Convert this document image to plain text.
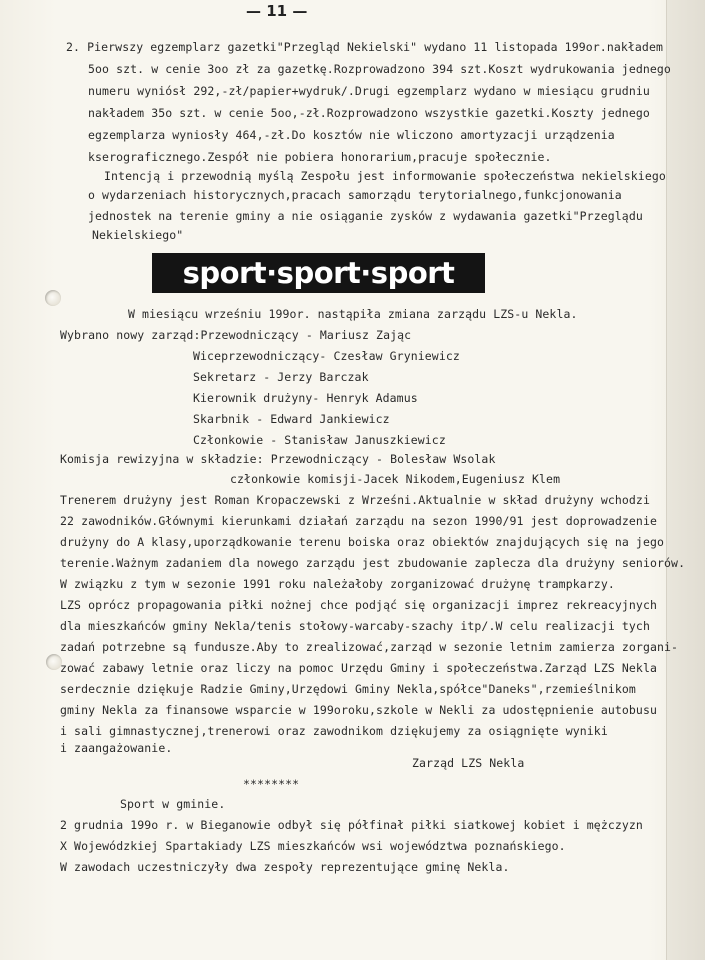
— 11 —
2. Pierwszy egzemplarz gazetki"Przegląd Nekielski" wydano 11 listopada 199or.nakładem
5oo szt. w cenie 3oo zł za gazetkę.Rozprowadzono 394 szt.Koszt wydrukowania jednego
numeru wyniósł 292,-zł/papier+wydruk/.Drugi egzemplarz wydano w miesiącu grudniu
nakładem 35o szt. w cenie 5oo,-zł.Rozprowadzono wszystkie gazetki.Koszty jednego
egzemplarza wyniosły 464,-zł.Do kosztów nie wliczono amortyzacji urządzenia
kserograficznego.Zespół nie pobiera honorarium,pracuje społecznie.
Intencją i przewodnią myślą Zespołu jest informowanie społeczeństwa nekielskiego
o wydarzeniach historycznych,pracach samorządu terytorialnego,funkcjonowania
jednostek na terenie gminy a nie osiąganie zysków z wydawania gazetki"Przeglądu
Nekielskiego"
sport·sport·sport
W miesiącu wrześniu 199or. nastąpiła zmiana zarządu LZS-u Nekla.
Wybrano nowy zarząd:Przewodniczący - Mariusz Zając
Wiceprzewodniczący- Czesław Gryniewicz
Sekretarz - Jerzy Barczak
Kierownik drużyny- Henryk Adamus
Skarbnik - Edward Jankiewicz
Członkowie - Stanisław Januszkiewicz
Komisja rewizyjna w składzie: Przewodniczący - Bolesław Wsolak
członkowie komisji-Jacek Nikodem,Eugeniusz Klem
Trenerem drużyny jest Roman Kropaczewski z Wrześni.Aktualnie w skład drużyny wchodzi
22 zawodników.Głównymi kierunkami działań zarządu na sezon 1990/91 jest doprowadzenie
drużyny do A klasy,uporządkowanie terenu boiska oraz obiektów znajdujących się na jego
terenie.Ważnym zadaniem dla nowego zarządu jest zbudowanie zaplecza dla drużyny seniorów.
W związku z tym w sezonie 1991 roku należałoby zorganizować drużynę trampkarzy.
LZS oprócz propagowania piłki nożnej chce podjąć się organizacji imprez rekreacyjnych
dla mieszkańców gminy Nekla/tenis stołowy-warcaby-szachy itp/.W celu realizacji tych
zadań potrzebne są fundusze.Aby to zrealizować,zarząd w sezonie letnim zamierza zorgani-
zować zabawy letnie oraz liczy na pomoc Urzędu Gminy i społeczeństwa.Zarząd LZS Nekla
serdecznie dziękuje Radzie Gminy,Urzędowi Gminy Nekla,spółce"Daneks",rzemieślnikom
gminy Nekla za finansowe wsparcie w 199oroku,szkole w Nekli za udostępnienie autobusu
i sali gimnastycznej,trenerowi oraz zawodnikom dziękujemy za osiągnięte wyniki
i zaangażowanie.
Zarząd LZS Nekla
********
Sport w gminie.
2 grudnia 199o r. w Bieganowie odbył się półfinał piłki siatkowej kobiet i mężczyzn
X Wojewódzkiej Spartakiady LZS mieszkańców wsi województwa poznańskiego.
W zawodach uczestniczyły dwa zespoły reprezentujące gminę Nekla.
